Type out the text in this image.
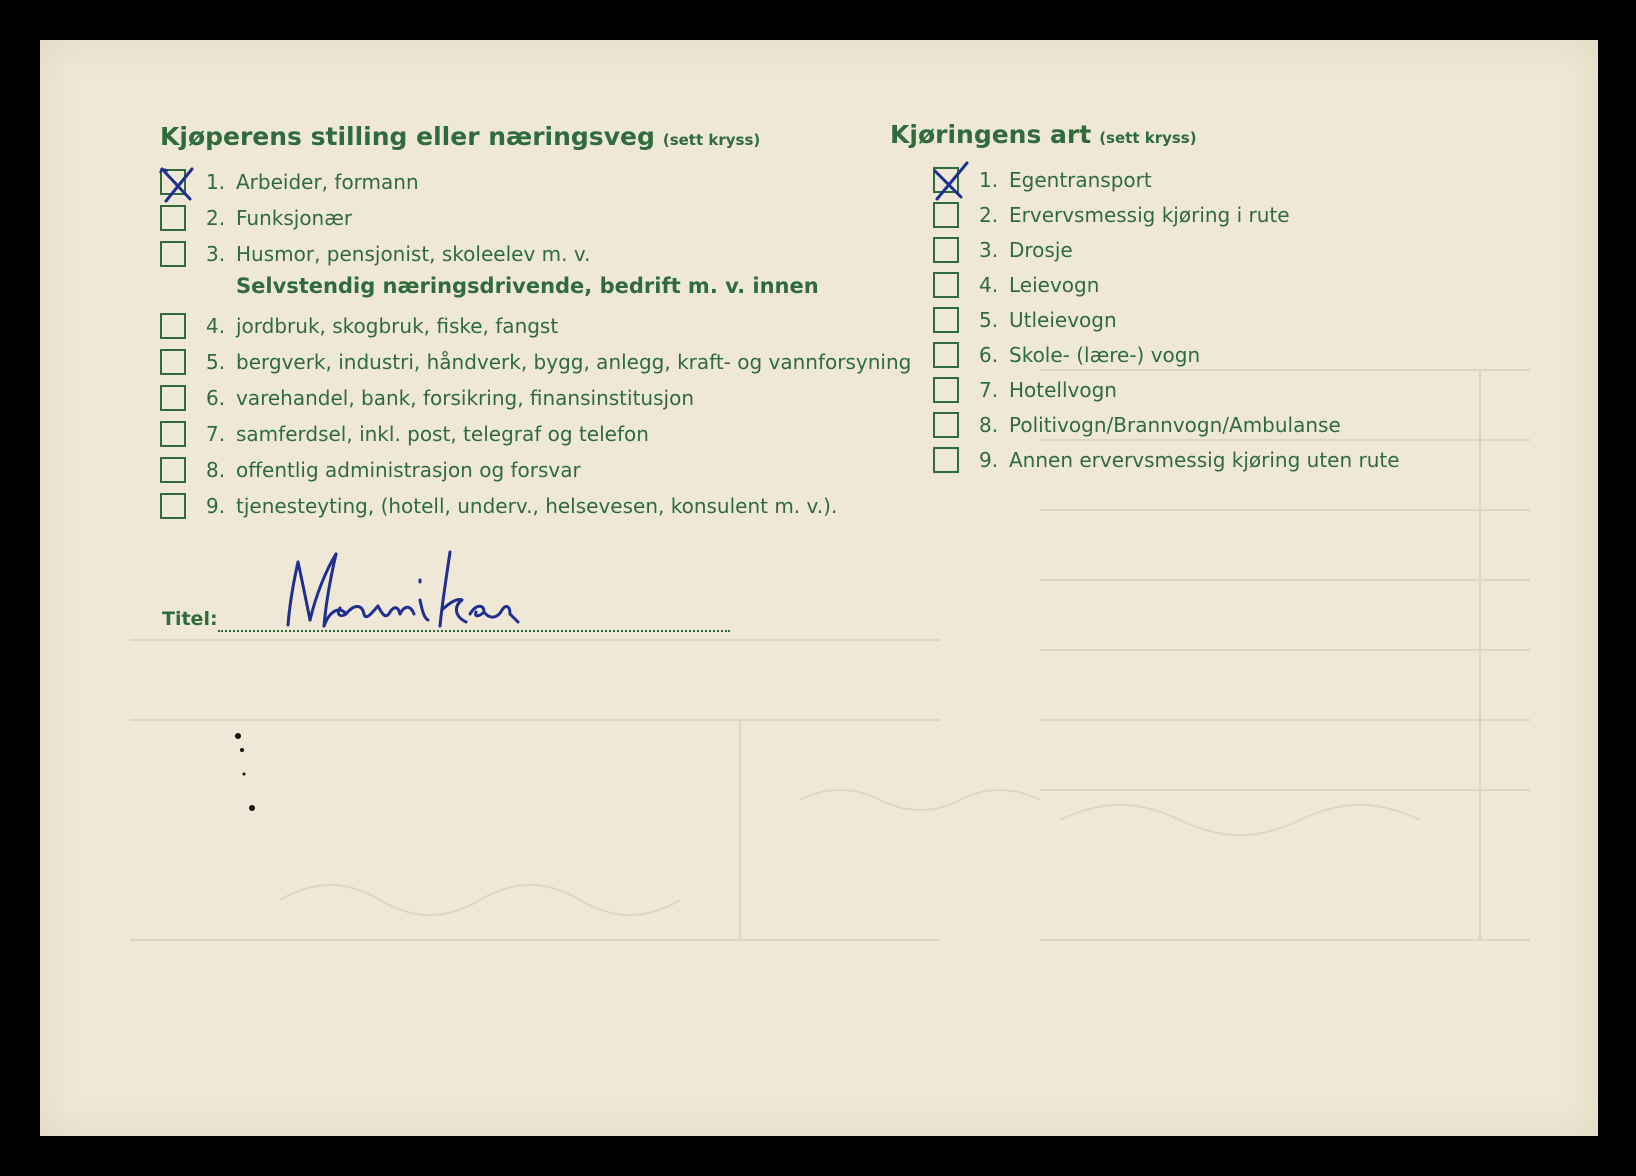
Kjøperens stilling eller næringsveg (sett kryss)
1. Arbeider, formann
2. Funksjonær
3. Husmor, pensjonist, skoleelev m. v.
Selvstendig næringsdrivende, bedrift m. v. innen
4. jordbruk, skogbruk, fiske, fangst
5. bergverk, industri, håndverk, bygg, anlegg, kraft- og vannforsyning
6. varehandel, bank, forsikring, finansinstitusjon
7. samferdsel, inkl. post, telegraf og telefon
8. offentlig administrasjon og forsvar
9. tjenesteyting, (hotell, underv., helsevesen, konsulent m. v.).
Titel:
Kjøringens art (sett kryss)
1. Egentransport
2. Ervervsmessig kjøring i rute
3. Drosje
4. Leievogn
5. Utleievogn
6. Skole- (lære-) vogn
7. Hotellvogn
8. Politivogn/Brannvogn/Ambulanse
9. Annen ervervsmessig kjøring uten rute
